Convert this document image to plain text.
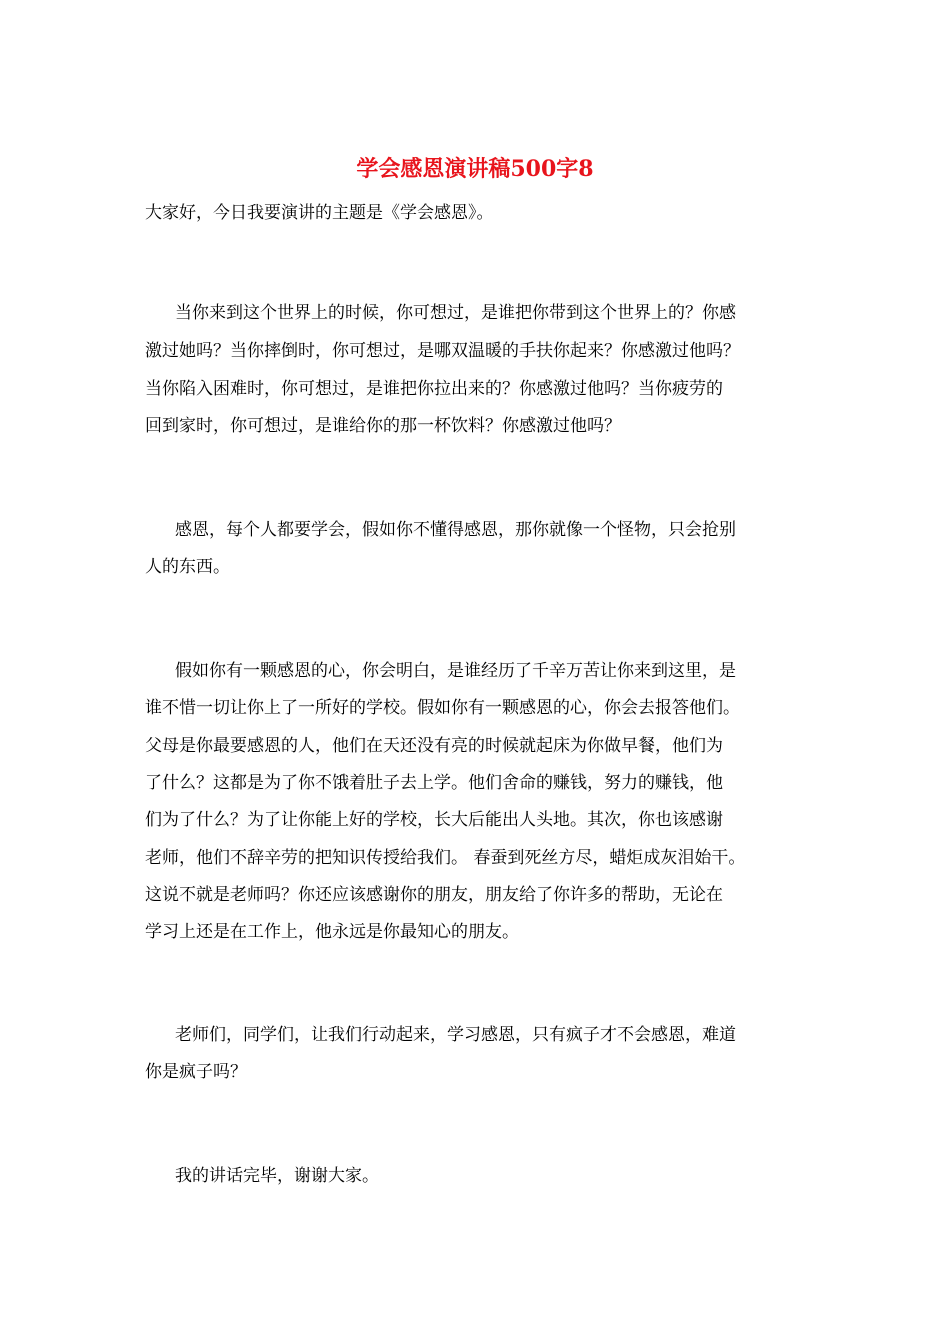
学会感恩演讲稿500字8
大家好，今日我要演讲的主题是《学会感恩》。
当你来到这个世界上的时候，你可想过，是谁把你带到这个世界上的？你感
激过她吗？当你摔倒时，你可想过，是哪双温暖的手扶你起来？你感激过他吗？
当你陷入困难时，你可想过，是谁把你拉出来的？你感激过他吗？当你疲劳的
回到家时，你可想过，是谁给你的那一杯饮料？你感激过他吗？
感恩，每个人都要学会，假如你不懂得感恩，那你就像一个怪物，只会抢别
人的东西。
假如你有一颗感恩的心，你会明白，是谁经历了千辛万苦让你来到这里，是
谁不惜一切让你上了一所好的学校。假如你有一颗感恩的心，你会去报答他们。
父母是你最要感恩的人，他们在天还没有亮的时候就起床为你做早餐，他们为
了什么？这都是为了你不饿着肚子去上学。他们舍命的赚钱，努力的赚钱，他
们为了什么？为了让你能上好的学校，长大后能出人头地。其次，你也该感谢
老师，他们不辞辛劳的把知识传授给我们。 春蚕到死丝方尽，蜡炬成灰泪始干。
这说不就是老师吗？你还应该感谢你的朋友，朋友给了你许多的帮助，无论在
学习上还是在工作上，他永远是你最知心的朋友。
老师们，同学们，让我们行动起来，学习感恩，只有疯子才不会感恩，难道
你是疯子吗？
我的讲话完毕，谢谢大家。
